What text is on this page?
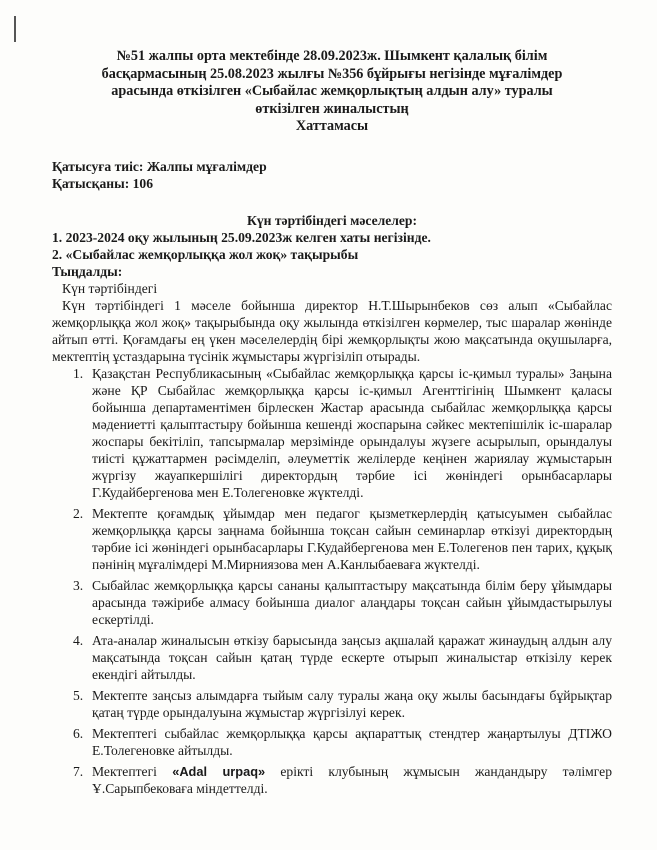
№51 жалпы орта мектебінде 28.09.2023ж. Шымкент қалалық білім
басқармасының 25.08.2023 жылғы №356 бұйрығы негізінде мұғалімдер
арасында өткізілген «Сыбайлас жемқорлықтың алдын алу» туралы
өткізілген жиналыстың
Хаттамасы
Қатысуға тиіс: Жалпы мұғалімдер
Қатысқаны: 106
Күн тәртібіндегі мәселелер:
1. 2023-2024 оқу жылының 25.09.2023ж келген хаты негізінде.
2. «Сыбайлас жемқорлыққа жол жоқ» тақырыбы
Тыңдалды:
Күн тәртібіндегі

Күн тәртібіндегі 1 мәселе бойынша директор Н.Т.Шырынбеков сөз алып «Сыбайлас жемқорлыққа жол жоқ» тақырыбында оқу жылында өткізілген көрмелер, тыс шаралар жөнінде айтып өтті. Қоғамдағы ең үкен мәселелердің бірі жемқорлықты жою мақсатында оқушыларға, мектептің ұстаздарына түсінік жұмыстары жүргізіліп отырады.

1. Қазақстан Республикасының «Сыбайлас жемқорлыққа қарсы іс-қимыл туралы» Заңына және ҚР Сыбайлас жемқорлыққа қарсы іс-қимыл Агенттігінің Шымкент қаласы бойынша департаментімен бірлескен Жастар арасында сыбайлас жемқорлыққа қарсы мәдениетті қалыптастыру бойынша кешенді жоспарына сәйкес мектепішілік іс-шаралар жоспары бекітіліп, тапсырмалар мерзімінде орындалуы жүзеге асырылып, орындалуы тиісті құжаттармен рәсімделіп, әлеуметтік желілерде кеңінен жариялау жұмыстарын жүргізу жауапкершілігі директордың тәрбие ісі жөніндегі орынбасарлары Г.Кудайбергенова мен Е.Толегеновке жүктелді.
2. Мектепте қоғамдық ұйымдар мен педагог қызметкерлердің қатысуымен сыбайлас жемқорлыққа қарсы заңнама бойынша тоқсан сайын семинарлар өткізуі директордың тәрбие ісі жөніндегі орынбасарлары Г.Кудайбергенова мен Е.Толегенов пен тарих, құқық пәнінің мұғалімдері М.Мирниязова мен А.Канлыбаеваға жүктелді.
3. Сыбайлас жемқорлыққа қарсы сананы қалыптастыру мақсатында білім беру ұйымдары арасында тәжірибе алмасу бойынша диалог алаңдары тоқсан сайын ұйымдастырылуы ескертілді.
4. Ата-аналар жиналысын өткізу барысында заңсыз ақшалай қаражат жинаудың алдын алу мақсатында тоқсан сайын қатаң түрде ескерте отырып жиналыстар өткізілу керек екендігі айтылды.
5. Мектепте заңсыз алымдарға тыйым салу туралы жаңа оқу жылы басындағы бұйрықтар қатаң түрде орындалуына жұмыстар жүргізілуі керек.
6. Мектептегі сыбайлас жемқорлыққа қарсы ақпараттық стендтер жаңартылуы ДТІЖО Е.Толегеновке айтылды.
7. Мектептегі «Adal urpaq» ерікті клубының жұмысын жандандыру тәлімгер Ұ.Сарыпбековаға міндеттелді.
